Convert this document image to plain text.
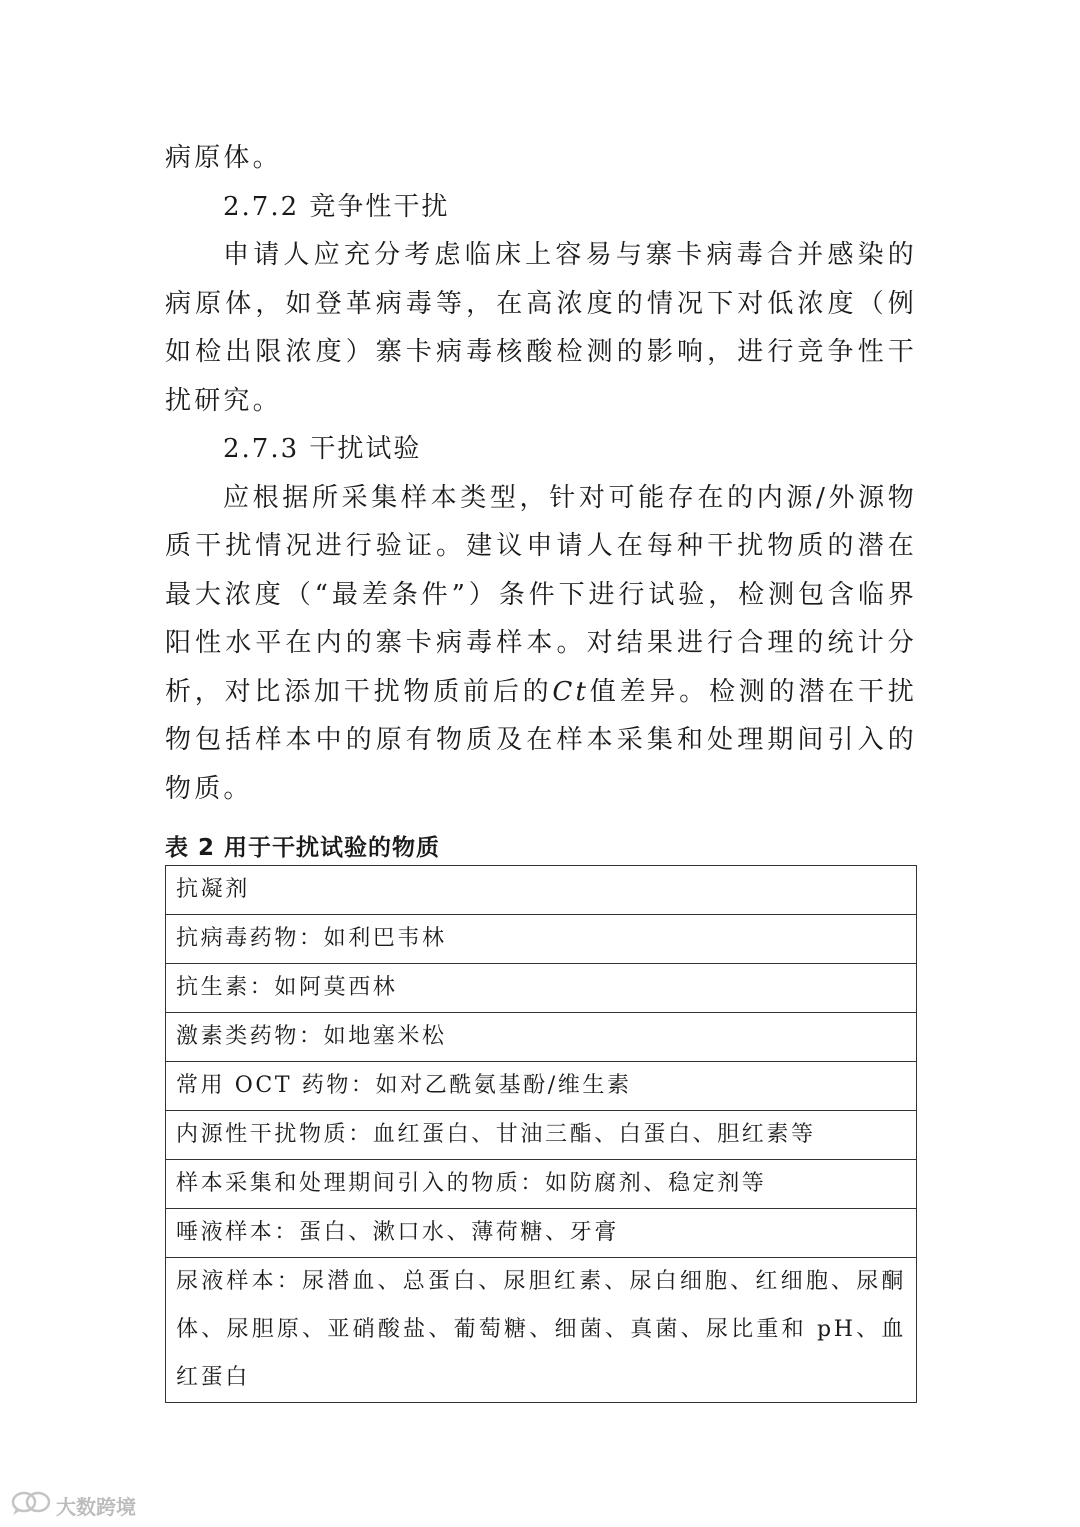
病原体。

2.7.2 竞争性干扰

申请人应充分考虑临床上容易与寨卡病毒合并感染的病原体，如登革病毒等，在高浓度的情况下对低浓度（例如检出限浓度）寨卡病毒核酸检测的影响，进行竞争性干扰研究。

2.7.3 干扰试验

应根据所采集样本类型，针对可能存在的内源/外源物质干扰情况进行验证。建议申请人在每种干扰物质的潜在最大浓度（“最差条件”）条件下进行试验，检测包含临界阳性水平在内的寨卡病毒样本。对结果进行合理的统计分析，对比添加干扰物质前后的Ct值差异。检测的潜在干扰物包括样本中的原有物质及在样本采集和处理期间引入的物质。

表 2 用于干扰试验的物质

抗凝剂
抗病毒药物：如利巴韦林
抗生素：如阿莫西林
激素类药物：如地塞米松
常用 OCT 药物：如对乙酰氨基酚/维生素
内源性干扰物质：血红蛋白、甘油三酯、白蛋白、胆红素等
样本采集和处理期间引入的物质：如防腐剂、稳定剂等
唾液样本：蛋白、漱口水、薄荷糖、牙膏
尿液样本：尿潜血、总蛋白、尿胆红素、尿白细胞、红细胞、尿酮体、尿胆原、亚硝酸盐、葡萄糖、细菌、真菌、尿比重和 pH、血红蛋白
大数跨境
